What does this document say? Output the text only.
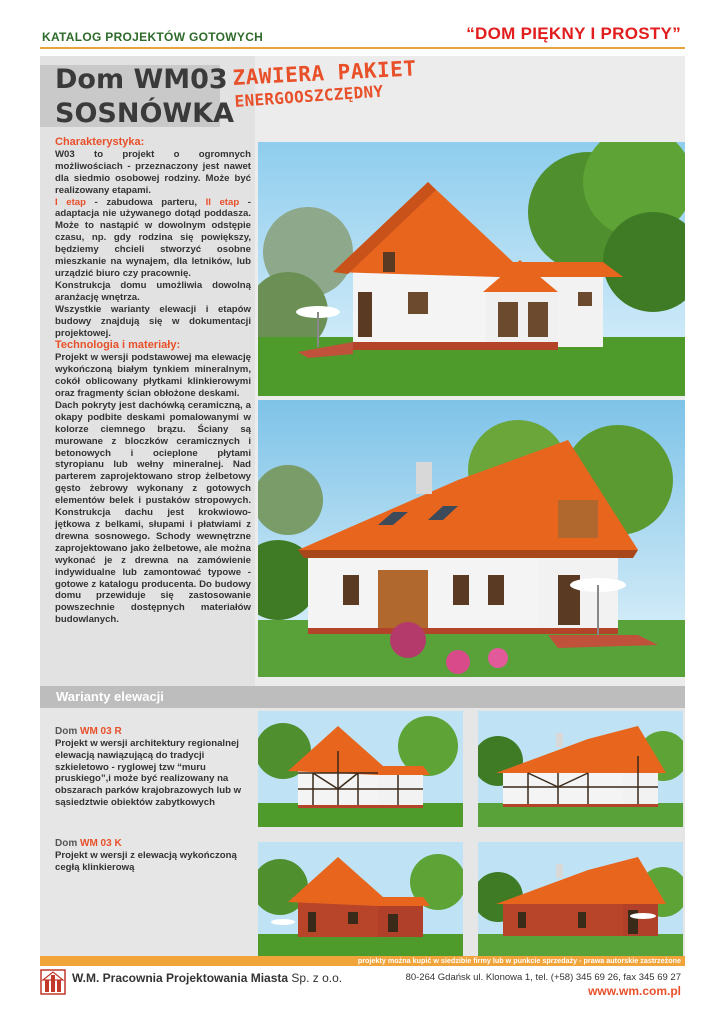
KATALOG PROJEKTÓW GOTOWYCH	“DOM PIĘKNY I PROSTY”
Dom WM03
SOSNÓWKA
ZAWIERA PAKIET
ENERGOOSZCZĘDNY
Charakterystyka:

W03 to projekt o ogromnych możliwościach - przeznaczony jest nawet dla siedmio osobowej rodziny. Może być realizowany etapami.

I etap - zabudowa parteru, II etap - adaptacja nie używanego dotąd poddasza. Może to nastąpić w dowolnym odstępie czasu, np. gdy rodzina się powiększy, będziemy chcieli stworzyć osobne mieszkanie na wynajem, dla letników, lub urządzić biuro czy pracownię.

Konstrukcja domu umożliwia dowolną aranżację wnętrza.

Wszystkie warianty elewacji i etapów budowy znajdują się w dokumentacji projektowej.

Technologia i materiały:

Projekt w wersji podstawowej ma elewację wykończoną białym tynkiem mineralnym, cokół oblicowany płytkami klinkierowymi oraz fragmenty ścian obłożone deskami.

Dach pokryty jest dachówką ceramiczną, a okapy podbite deskami pomalowanymi w kolorze ciemnego brązu. Ściany są murowane z bloczków ceramicznych i betonowych i ocieplone płytami styropianu lub wełny mineralnej. Nad parterem zaprojektowano strop żelbetowy gęsto żebrowy wykonany z gotowych elementów belek i pustaków stropowych. Konstrukcja dachu jest krokwiowo-jętkowa z belkami, słupami i płatwiami z drewna sosnowego. Schody wewnętrzne zaprojektowano jako żelbetowe, ale można wykonać je z drewna na zamówienie indywidualne lub zamontować typowe - gotowe z katalogu producenta. Do budowy domu przewiduje się zastosowanie powszechnie dostępnych materiałów budowlanych.

Warianty elewacji
Dom WM 03 R
Projekt w wersji architektury regionalnej elewacją nawiązującą do tradycji szkieletowo - ryglowej tzw “muru pruskiego”,i może być realizowany na obszarach parków krajobrazowych lub w sąsiedztwie obiektów zabytkowych
Dom WM 03 K
Projekt w wersji z elewacją wykończoną cegłą klinkierową
projekty można kupić w siedzibie firmy lub w punkcie sprzedaży - prawa autorskie zastrzeżone
W.M. Pracownia Projektowania Miasta Sp. z o.o.	80-264 Gdańsk ul. Klonowa 1, tel. (+58) 345 69 26, fax 345 69 27
www.wm.com.pl
